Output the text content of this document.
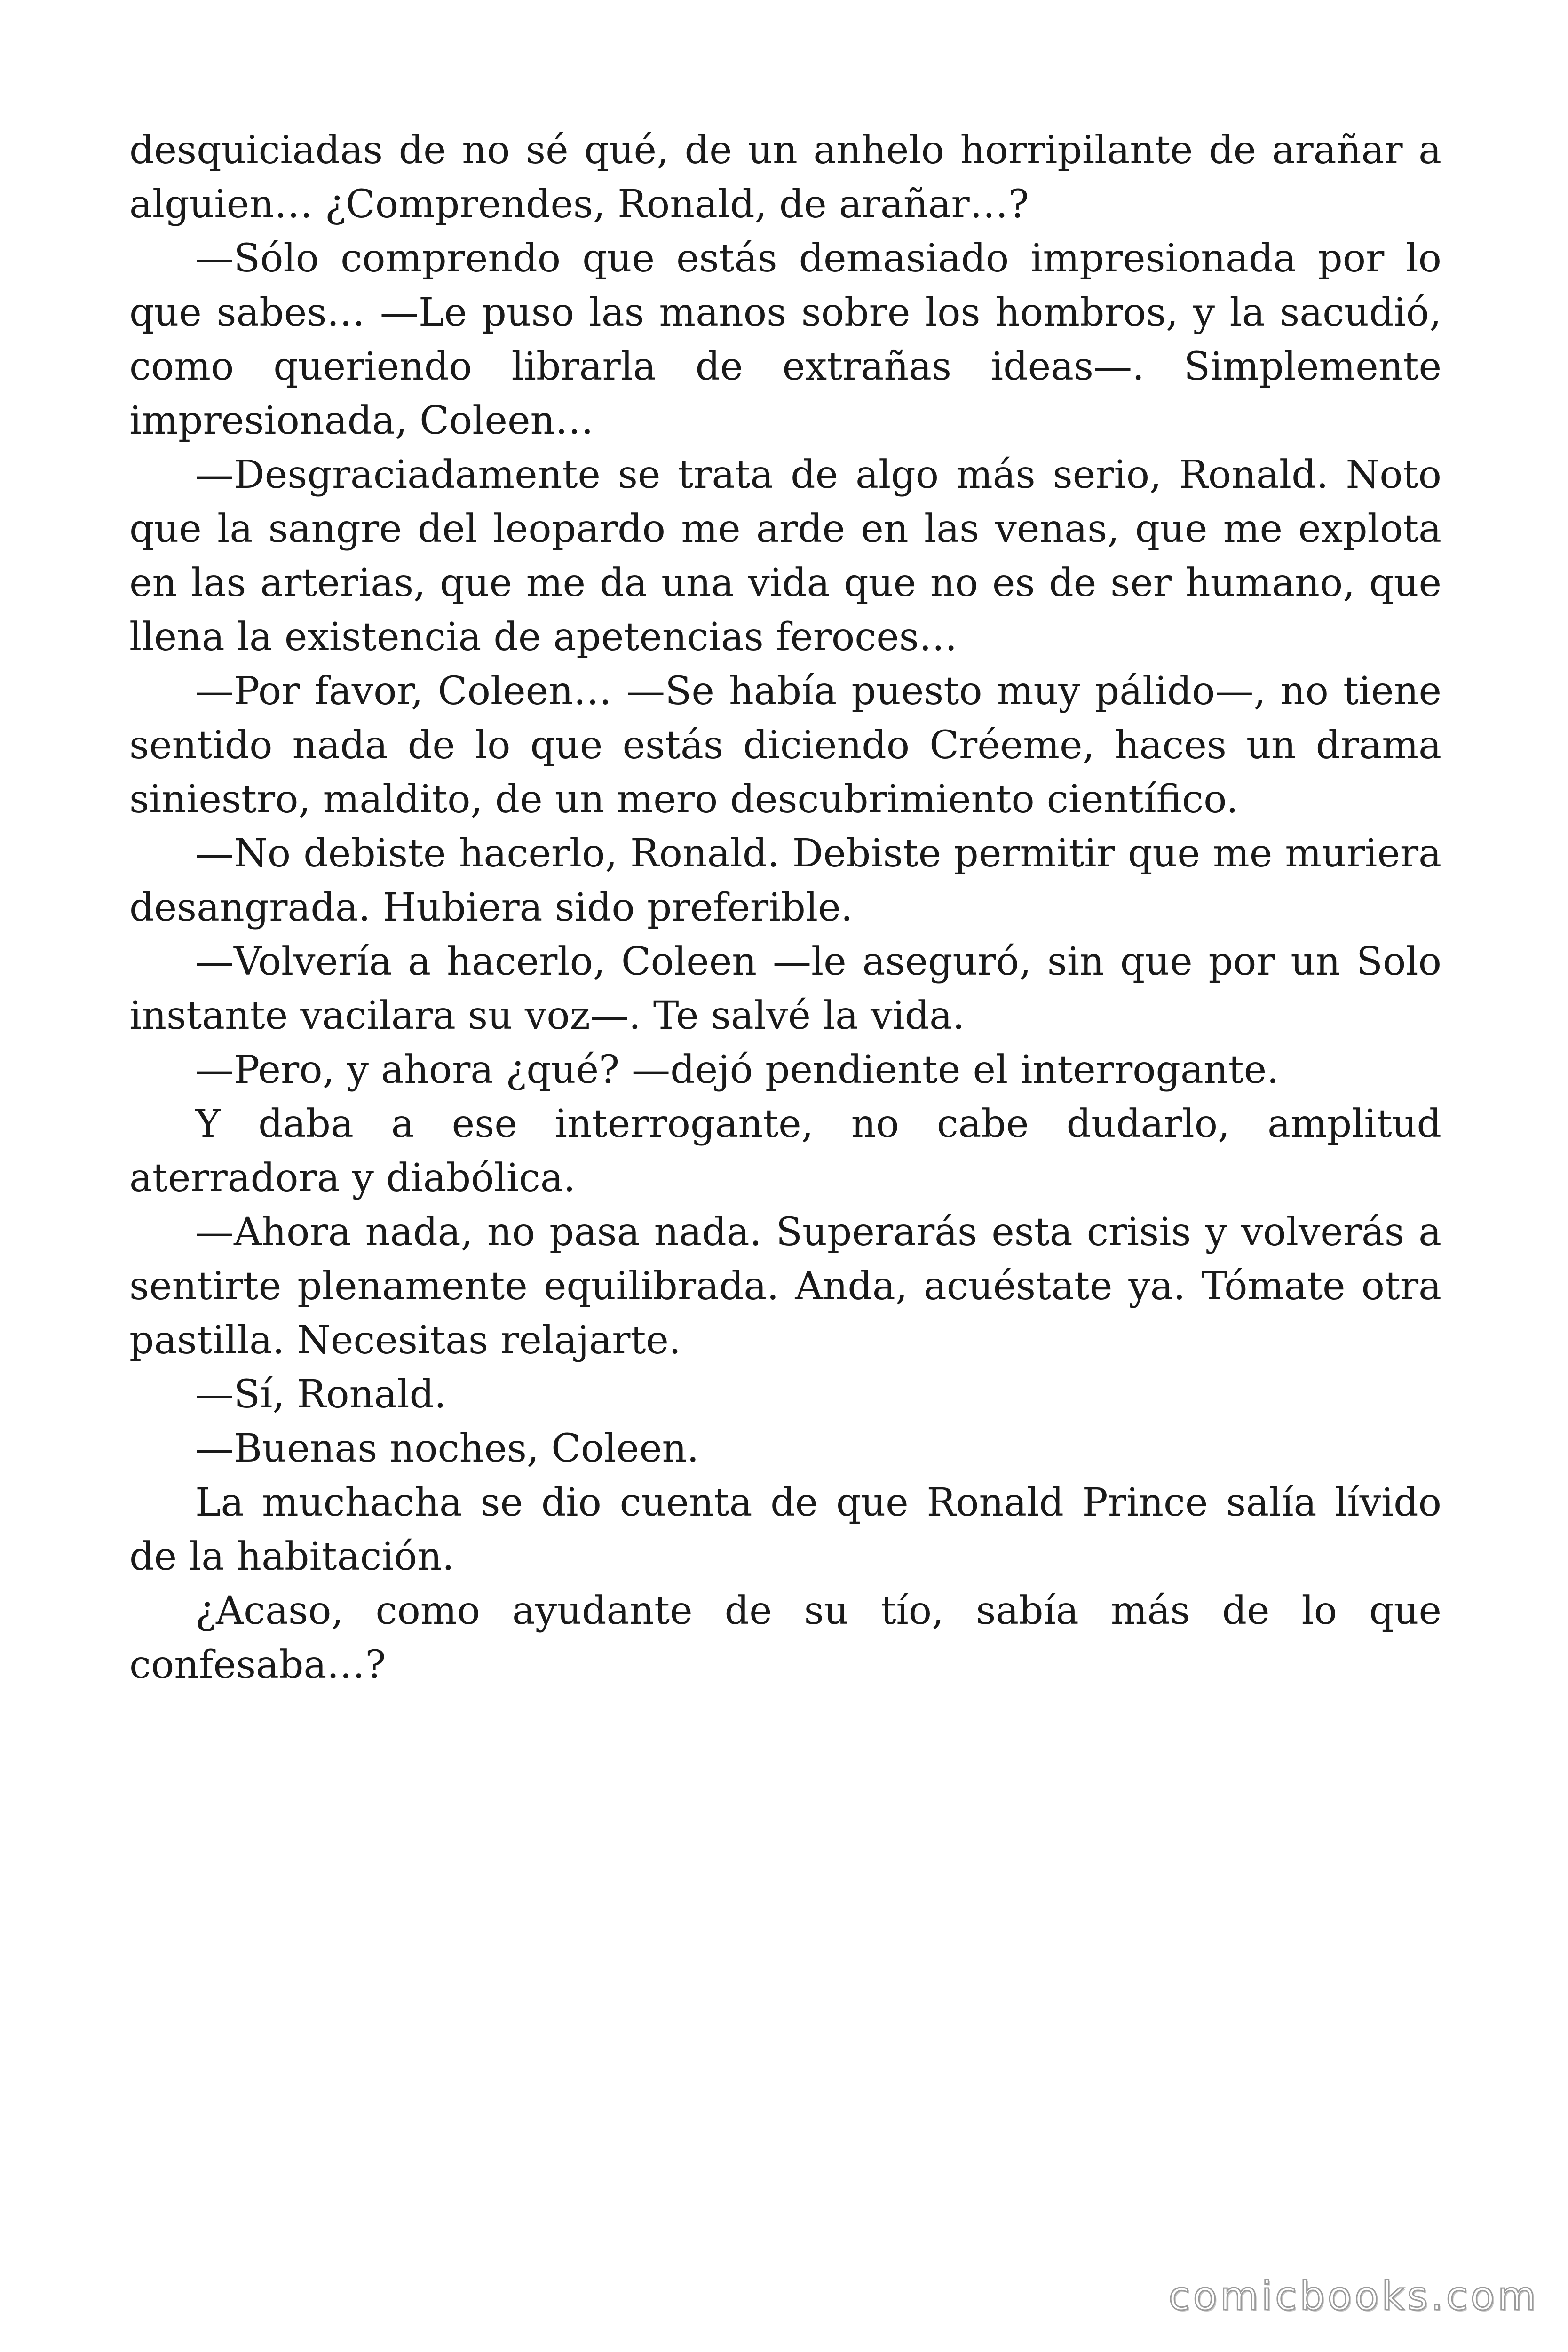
desquiciadas de no sé qué, de un anhelo horripilante de arañar a alguien… ¿Comprendes, Ronald, de arañar…?

—Sólo comprendo que estás demasiado impresionada por lo que sabes… —Le puso las manos sobre los hombros, y la sacudió, como queriendo librarla de extrañas ideas—. Simplemente impresionada, Coleen…

—Desgraciadamente se trata de algo más serio, Ronald. Noto que la sangre del leopardo me arde en las venas, que me explota en las arterias, que me da una vida que no es de ser humano, que llena la existencia de apetencias feroces…

—Por favor, Coleen… —Se había puesto muy pálido—, no tiene sentido nada de lo que estás diciendo Créeme, haces un drama siniestro, maldito, de un mero descubrimiento científico.

—No debiste hacerlo, Ronald. Debiste permitir que me muriera desangrada. Hubiera sido preferible.

—Volvería a hacerlo, Coleen —le aseguró, sin que por un Solo instante vacilara su voz—. Te salvé la vida.

—Pero, y ahora ¿qué? —dejó pendiente el interrogante.

Y daba a ese interrogante, no cabe dudarlo, amplitud aterradora y diabólica.

—Ahora nada, no pasa nada. Superarás esta crisis y volverás a sentirte plenamente equilibrada. Anda, acuéstate ya. Tómate otra pastilla. Necesitas relajarte.

—Sí, Ronald.

—Buenas noches, Coleen.

La muchacha se dio cuenta de que Ronald Prince salía lívido de la habitación.

¿Acaso, como ayudante de su tío, sabía más de lo que confesaba…?

comicbooks.com
